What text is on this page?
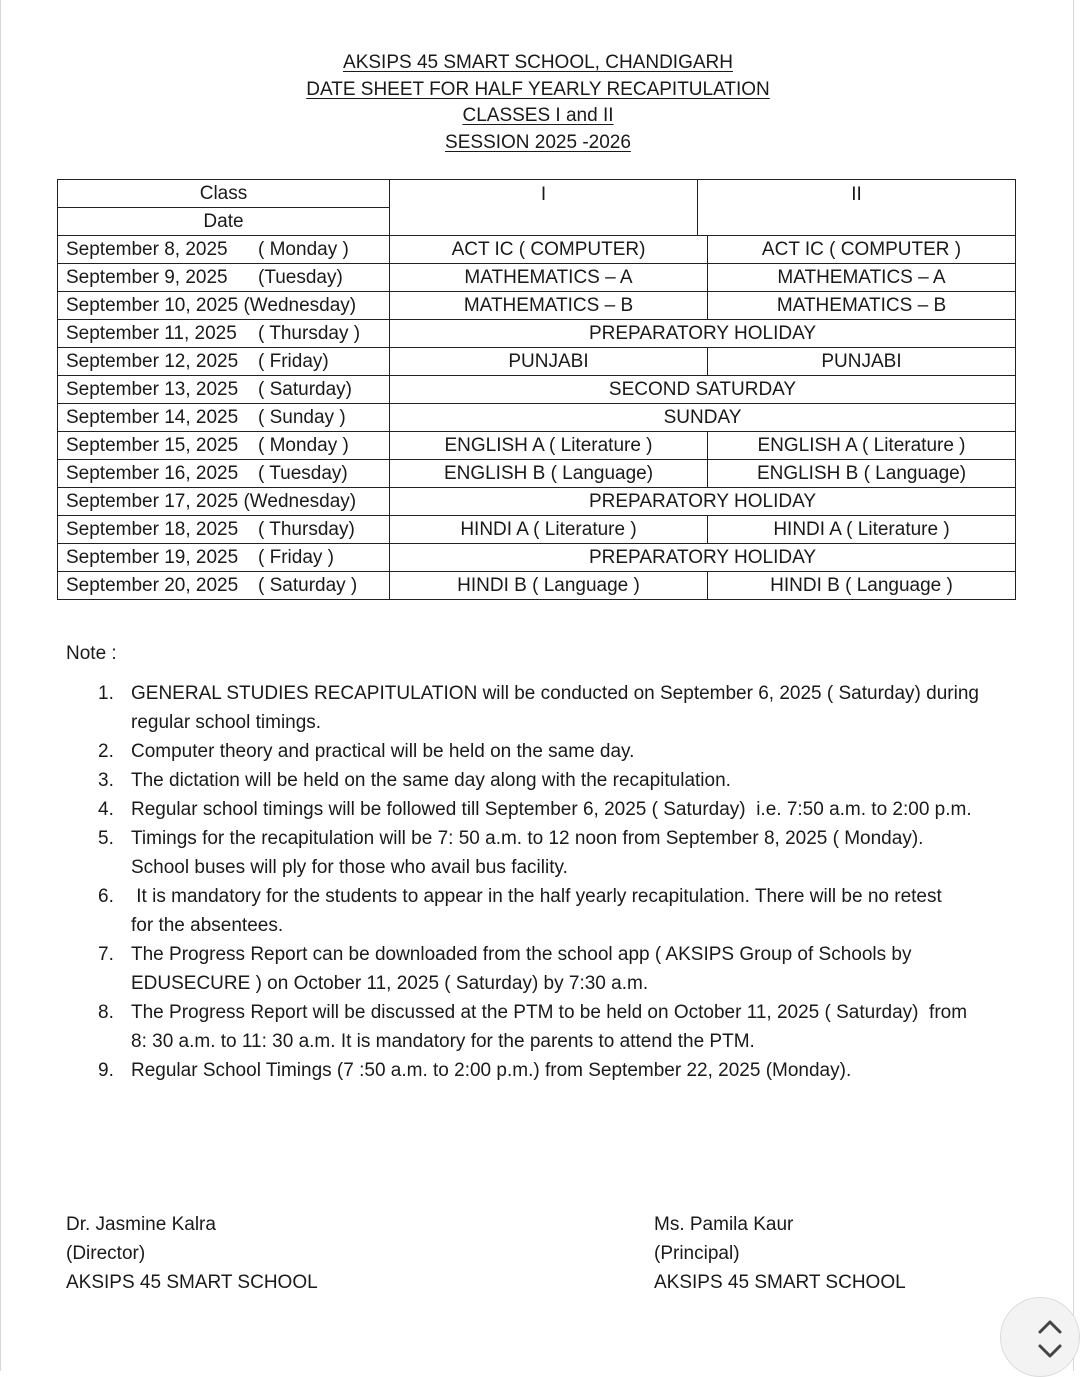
AKSIPS 45 SMART SCHOOL, CHANDIGARH
DATE SHEET FOR HALF YEARLY RECAPITULATION
CLASSES I and II
SESSION 2025 -2026
Class	I	II	
Date			
September 8, 2025 ( Monday )	ACT IC ( COMPUTER)		ACT IC ( COMPUTER )
September 9, 2025 (Tuesday)	MATHEMATICS – A		MATHEMATICS – A
September 10, 2025 (Wednesday)	MATHEMATICS – B		MATHEMATICS – B
September 11, 2025 ( Thursday )	PREPARATORY HOLIDAY		
September 12, 2025 ( Friday)	PUNJABI		PUNJABI
September 13, 2025 ( Saturday)	SECOND SATURDAY		
September 14, 2025 ( Sunday )	SUNDAY		
September 15, 2025 ( Monday )	ENGLISH A ( Literature )		ENGLISH A ( Literature )
September 16, 2025 ( Tuesday)	ENGLISH B ( Language)		ENGLISH B ( Language)
September 17, 2025 (Wednesday)	PREPARATORY HOLIDAY		
September 18, 2025 ( Thursday)	HINDI A ( Literature )		HINDI A ( Literature )
September 19, 2025 ( Friday )	PREPARATORY HOLIDAY		
September 20, 2025 ( Saturday )	HINDI B ( Language )		HINDI B ( Language )
Note :
1. GENERAL STUDIES RECAPITULATION will be conducted on September 6, 2025 ( Saturday) during
regular school timings.
2. Computer theory and practical will be held on the same day.
3. The dictation will be held on the same day along with the recapitulation.
4. Regular school timings will be followed till September 6, 2025 ( Saturday)  i.e. 7:50 a.m. to 2:00 p.m.
5. Timings for the recapitulation will be 7: 50 a.m. to 12 noon from September 8, 2025 ( Monday).
School buses will ply for those who avail bus facility.
6. It is mandatory for the students to appear in the half yearly recapitulation. There will be no retest
for the absentees.
7. The Progress Report can be downloaded from the school app ( AKSIPS Group of Schools by
EDUSECURE ) on October 11, 2025 ( Saturday) by 7:30 a.m.
8. The Progress Report will be discussed at the PTM to be held on October 11, 2025 ( Saturday)  from
8: 30 a.m. to 11: 30 a.m. It is mandatory for the parents to attend the PTM.
9. Regular School Timings (7 :50 a.m. to 2:00 p.m.) from September 22, 2025 (Monday).
Dr. Jasmine Kalra
(Director)
AKSIPS 45 SMART SCHOOL
Ms. Pamila Kaur
(Principal)
AKSIPS 45 SMART SCHOOL
